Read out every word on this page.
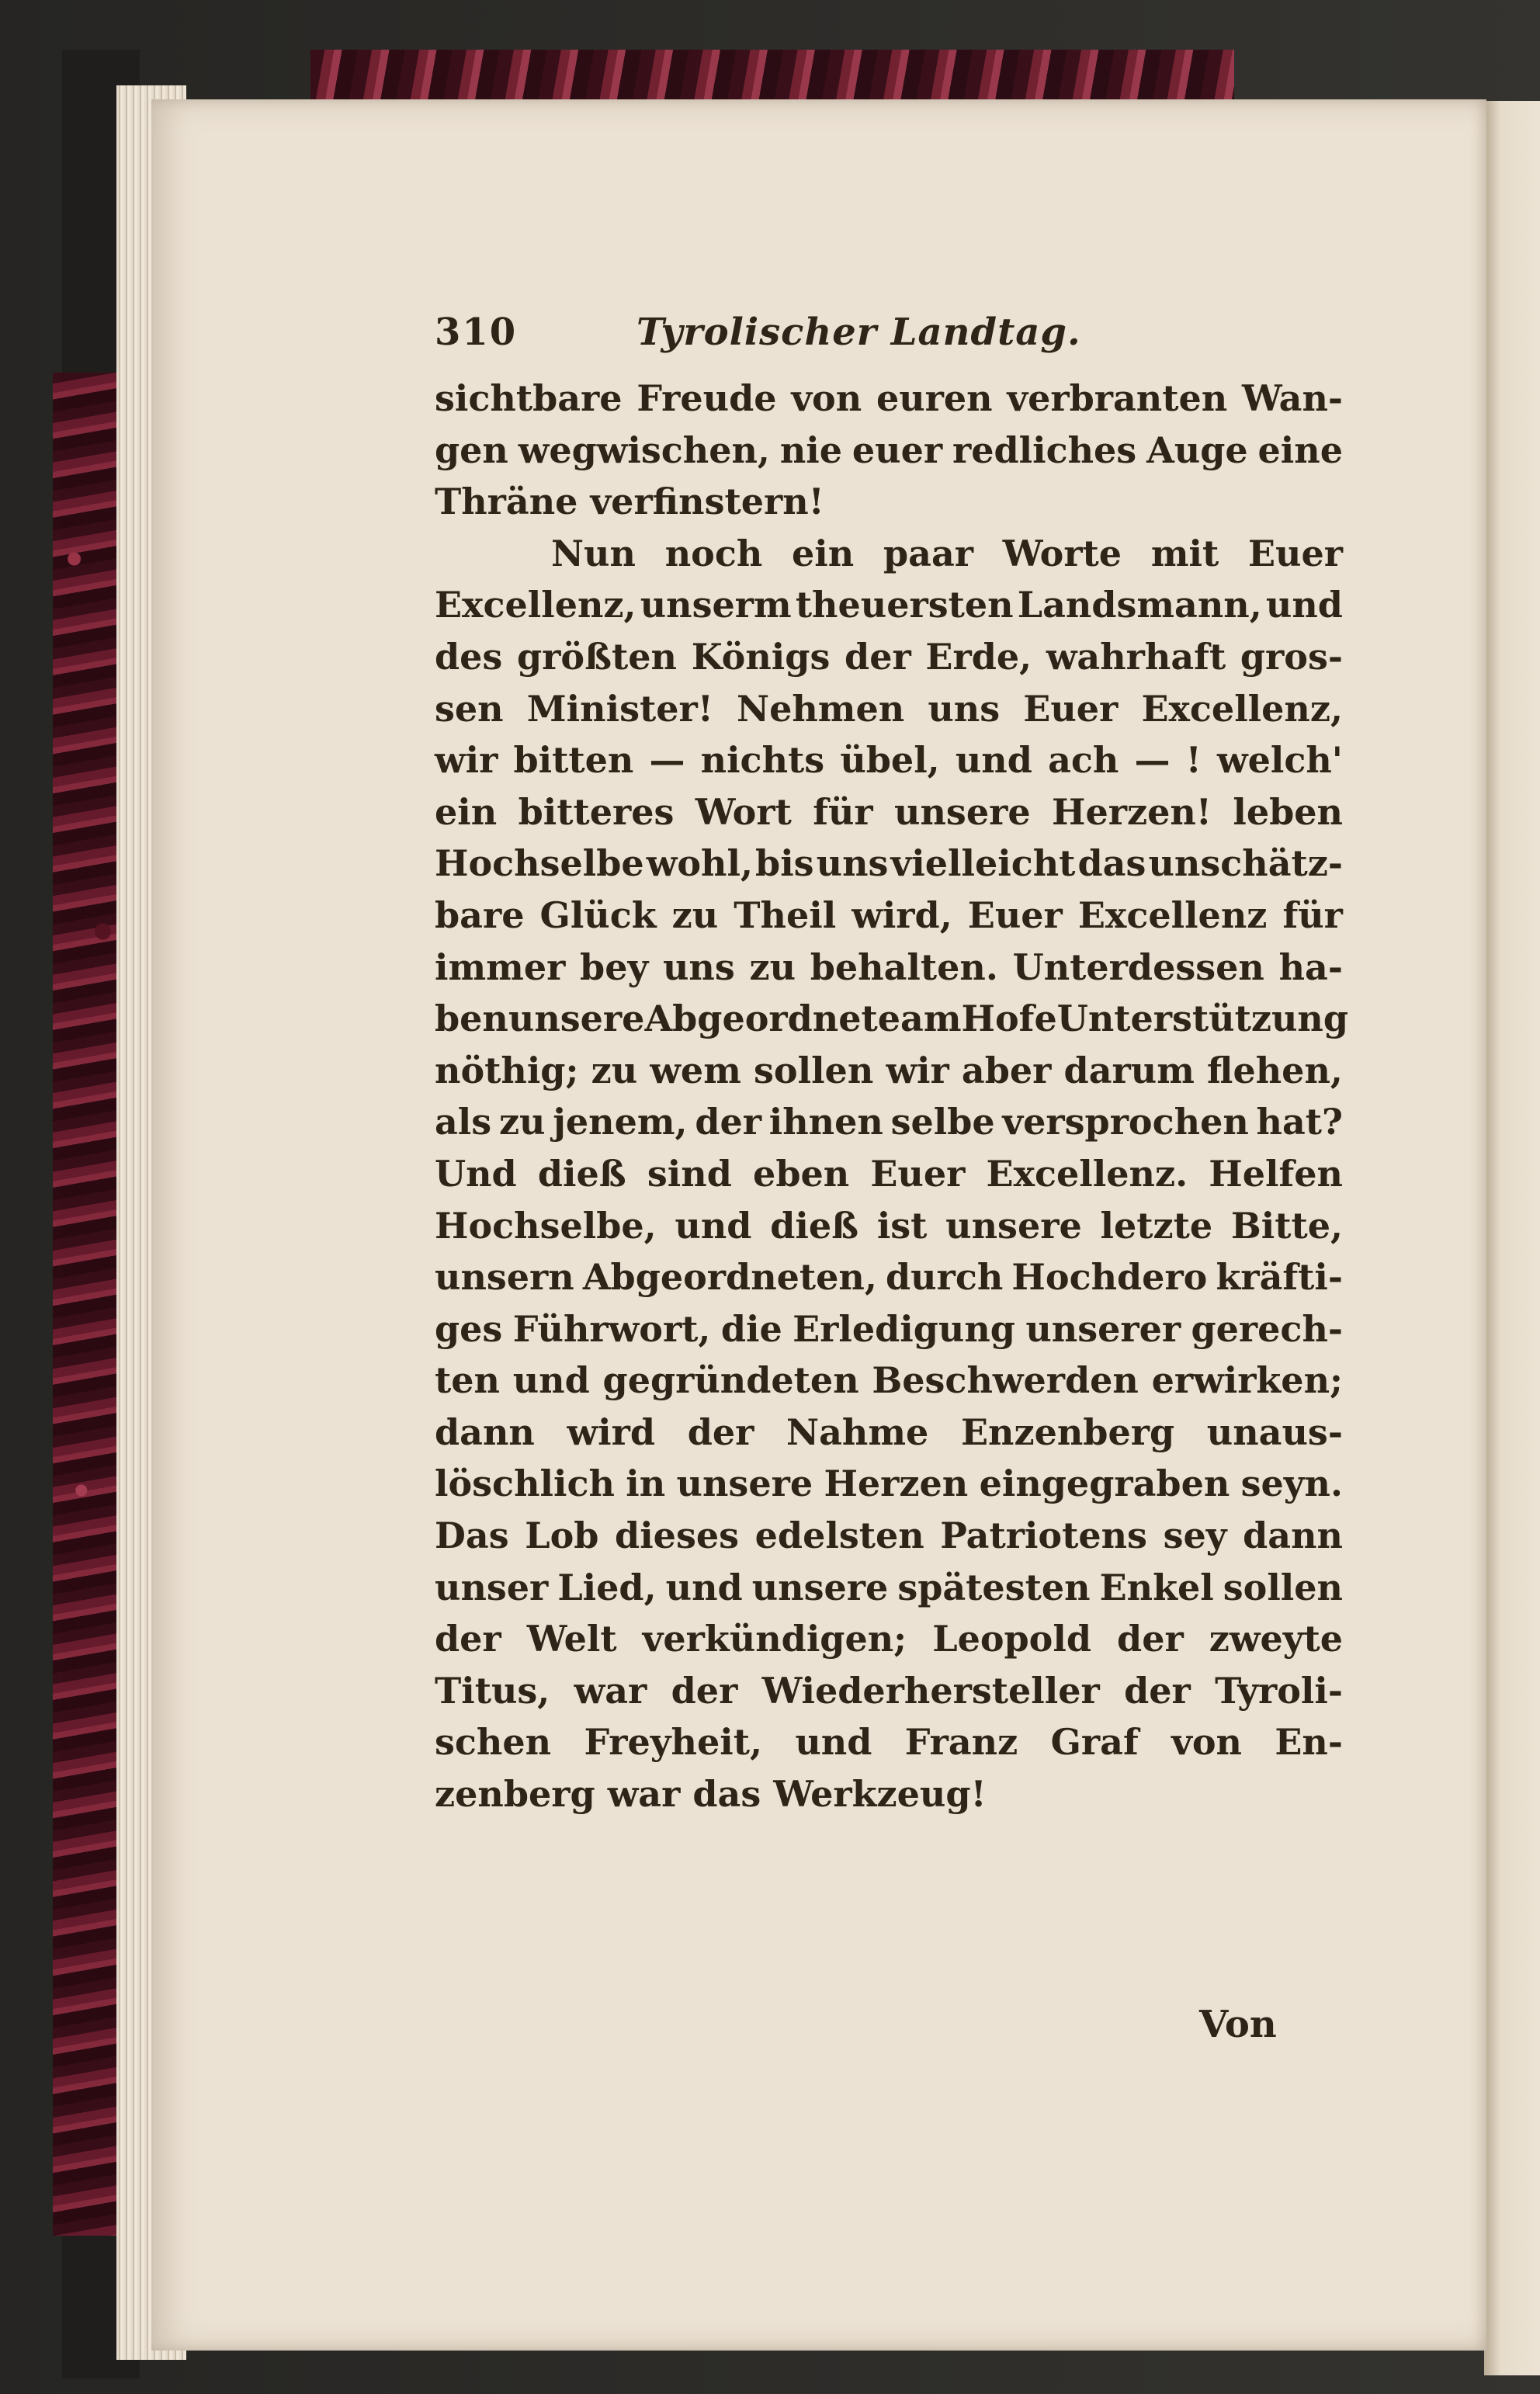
310	Tyrolischer Landtag.
sichtbare Freude von euren verbranten Wan-
gen wegwischen, nie euer redliches Auge eine
Thräne verfinstern!
Nun noch ein paar Worte mit Euer
Excellenz, unserm theuersten Landsmann, und
des größten Königs der Erde, wahrhaft gros-
sen Minister! Nehmen uns Euer Excellenz,
wir bitten — nichts übel, und ach — ! welch'
ein bitteres Wort für unsere Herzen! leben
Hochselbe wohl, bis uns vielleicht das unschätz-
bare Glück zu Theil wird, Euer Excellenz für
immer bey uns zu behalten. Unterdessen ha-
ben unsere Abgeordnete am Hofe Unterstützung
nöthig; zu wem sollen wir aber darum flehen,
als zu jenem, der ihnen selbe versprochen hat?
Und dieß sind eben Euer Excellenz. Helfen
Hochselbe, und dieß ist unsere letzte Bitte,
unsern Abgeordneten, durch Hochdero kräfti-
ges Führwort, die Erledigung unserer gerech-
ten und gegründeten Beschwerden erwirken;
dann wird der Nahme Enzenberg unaus-
löschlich in unsere Herzen eingegraben seyn.
Das Lob dieses edelsten Patriotens sey dann
unser Lied, und unsere spätesten Enkel sollen
der Welt verkündigen; Leopold der zweyte
Titus, war der Wiederhersteller der Tyroli-
schen Freyheit, und Franz Graf von En-
zenberg war das Werkzeug!
Von
